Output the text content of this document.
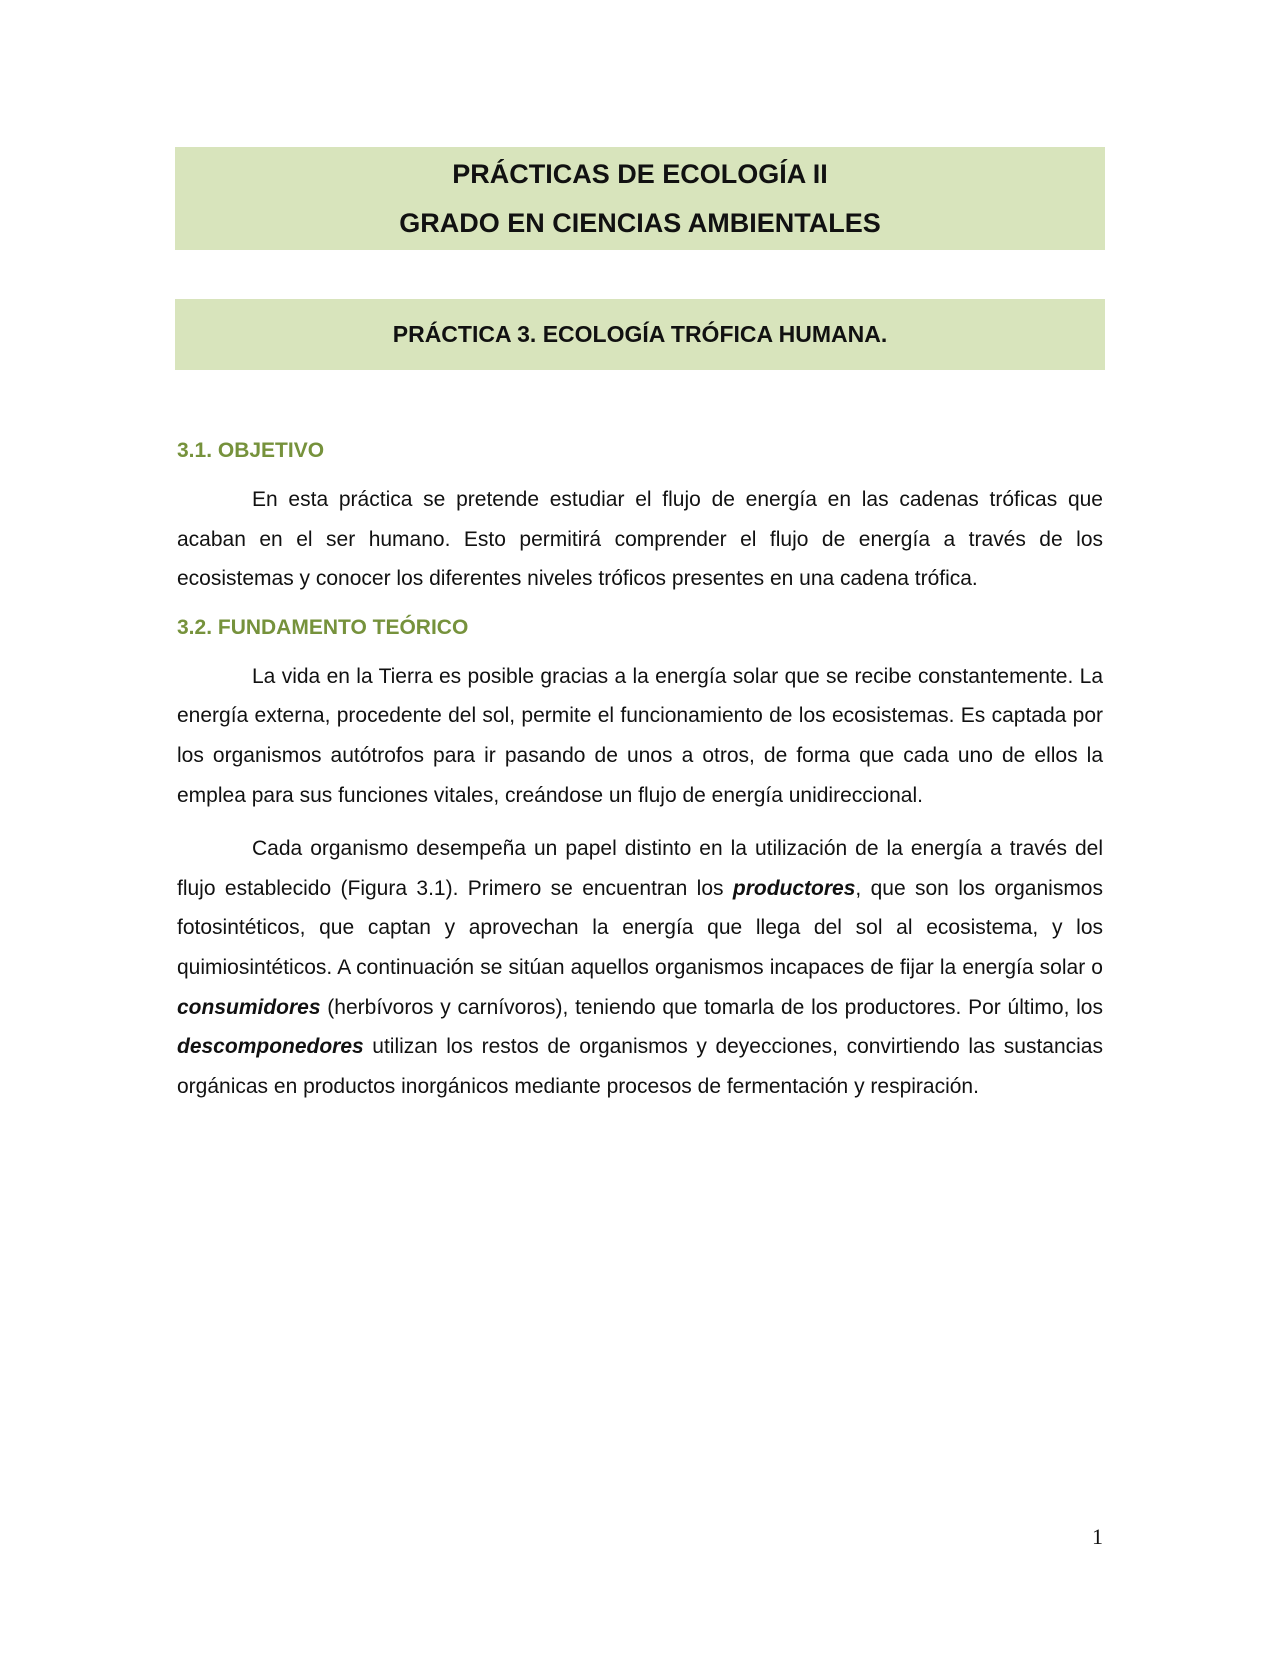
PRÁCTICAS DE ECOLOGÍA II
GRADO EN CIENCIAS AMBIENTALES
PRÁCTICA 3. ECOLOGÍA TRÓFICA HUMANA.
3.1. OBJETIVO

En esta práctica se pretende estudiar el flujo de energía en las cadenas tróficas que acaban en el ser humano. Esto permitirá comprender el flujo de energía a través de los ecosistemas y conocer los diferentes niveles tróficos presentes en una cadena trófica.

3.2. FUNDAMENTO TEÓRICO

La vida en la Tierra es posible gracias a la energía solar que se recibe constantemente. La energía externa, procedente del sol, permite el funcionamiento de los ecosistemas. Es captada por los organismos autótrofos para ir pasando de unos a otros, de forma que cada uno de ellos la emplea para sus funciones vitales, creándose un flujo de energía unidireccional.

Cada organismo desempeña un papel distinto en la utilización de la energía a través del flujo establecido (Figura 3.1). Primero se encuentran los productores, que son los organismos fotosintéticos, que captan y aprovechan la energía que llega del sol al ecosistema, y los quimiosintéticos. A continuación se sitúan aquellos organismos incapaces de fijar la energía solar o consumidores (herbívoros y carnívoros), teniendo que tomarla de los productores. Por último, los descomponedores utilizan los restos de organismos y deyecciones, convirtiendo las sustancias orgánicas en productos inorgánicos mediante procesos de fermentación y respiración.

1
